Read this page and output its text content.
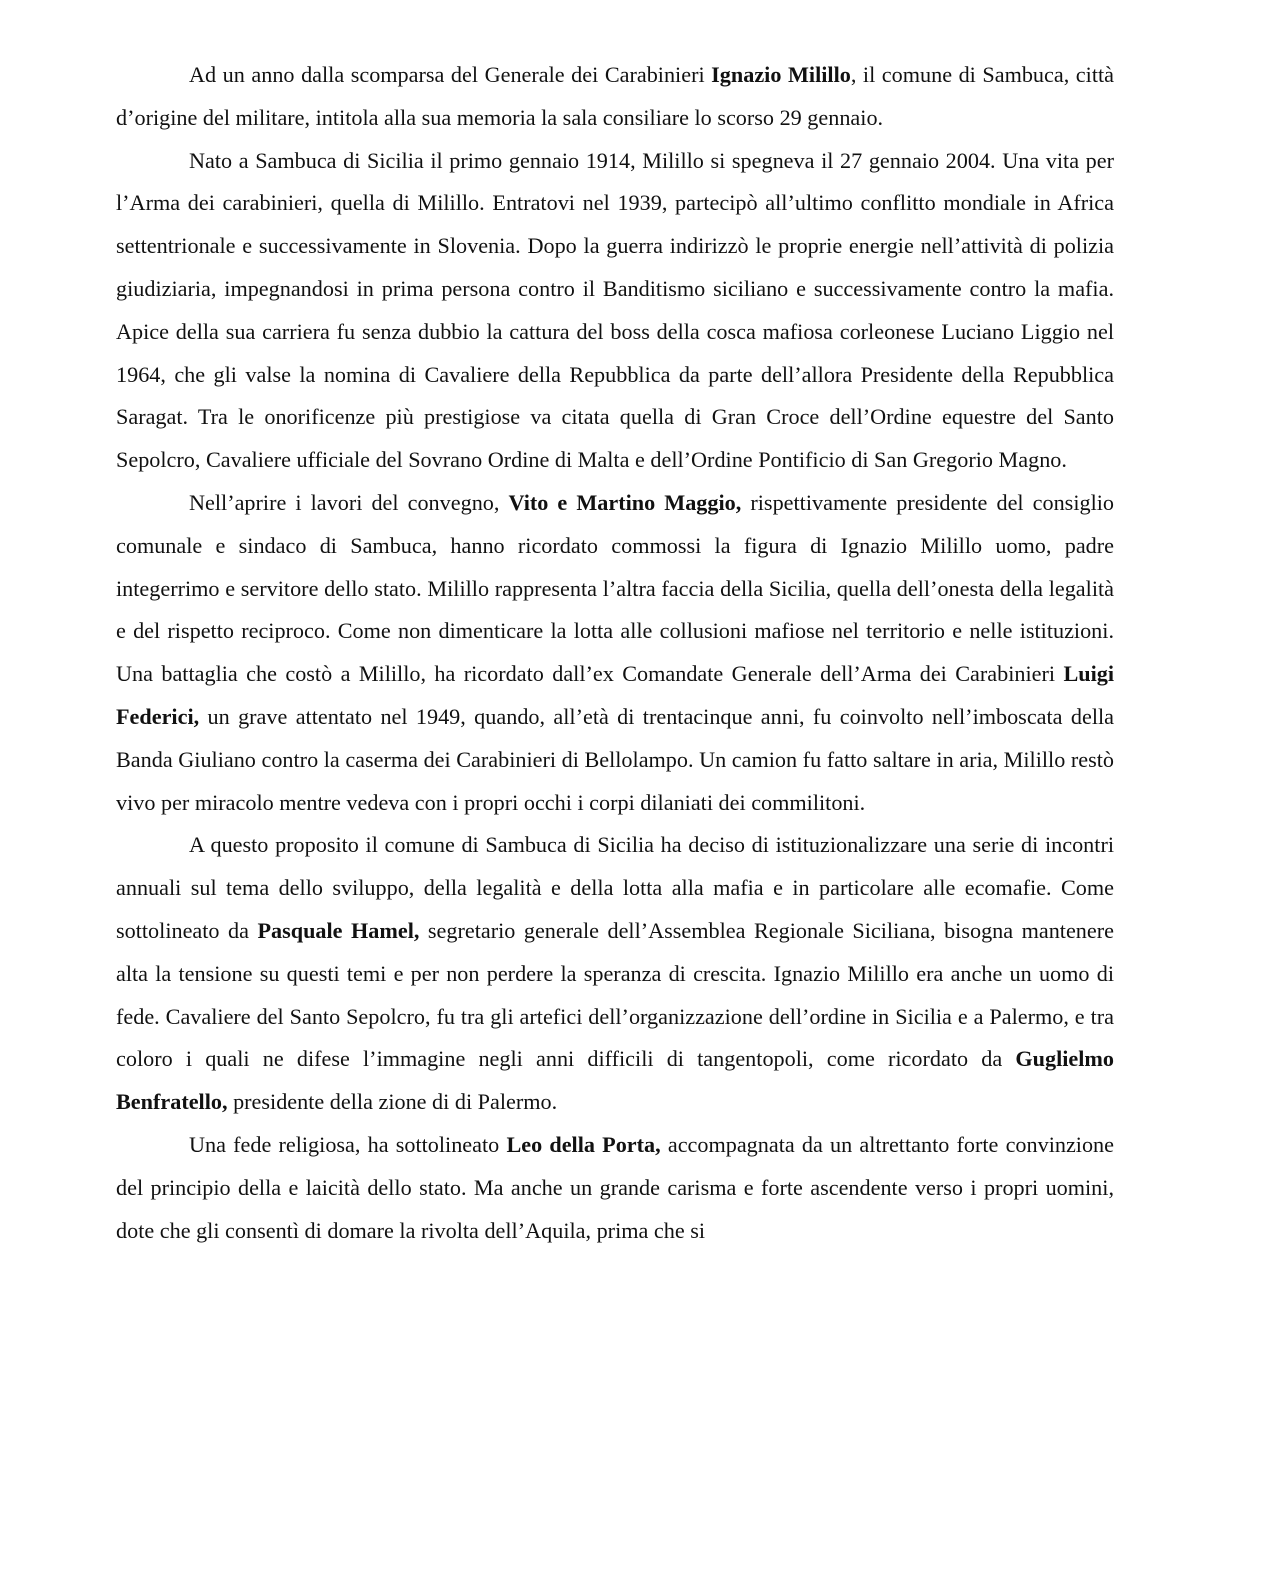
Ad un anno dalla scomparsa del Generale dei Carabinieri Ignazio Milillo, il comune di Sambuca, città d’origine del militare, intitola alla sua memoria la sala consiliare lo scorso 29 gennaio.

Nato a Sambuca di Sicilia il primo gennaio 1914, Milillo si spegneva il 27 gennaio 2004. Una vita per l’Arma dei carabinieri, quella di Milillo. Entratovi nel 1939, partecipò all’ultimo conflitto mondiale in Africa settentrionale e successivamente in Slovenia. Dopo la guerra indirizzò le proprie energie nell’attività di polizia giudiziaria, impegnandosi in prima persona contro il Banditismo siciliano e successivamente contro la mafia. Apice della sua carriera fu senza dubbio la cattura del boss della cosca mafiosa corleonese Luciano Liggio nel 1964, che gli valse la nomina di Cavaliere della Repubblica da parte dell’allora Presidente della Repubblica Saragat. Tra le onorificenze più prestigiose va citata quella di Gran Croce dell’Ordine equestre del Santo Sepolcro, Cavaliere ufficiale del Sovrano Ordine di Malta e dell’Ordine Pontificio di San Gregorio Magno.

Nell’aprire i lavori del convegno, Vito e Martino Maggio, rispettivamente presidente del consiglio comunale e sindaco di Sambuca, hanno ricordato commossi la figura di Ignazio Milillo uomo, padre integerrimo e servitore dello stato. Milillo rappresenta l’altra faccia della Sicilia, quella dell’onesta della legalità e del rispetto reciproco. Come non dimenticare la lotta alle collusioni mafiose nel territorio e nelle istituzioni. Una battaglia che costò a Milillo, ha ricordato dall’ex Comandate Generale dell’Arma dei Carabinieri Luigi Federici, un grave attentato nel 1949, quando, all’età di trentacinque anni, fu coinvolto nell’imboscata della Banda Giuliano contro la caserma dei Carabinieri di Bellolampo. Un camion fu fatto saltare in aria, Milillo restò vivo per miracolo mentre vedeva con i propri occhi i corpi dilaniati dei commilitoni.

A questo proposito il comune di Sambuca di Sicilia ha deciso di istituzionalizzare una serie di incontri annuali sul tema dello sviluppo, della legalità e della lotta alla mafia e in particolare alle ecomafie. Come sottolineato da Pasquale Hamel, segretario generale dell’Assemblea Regionale Siciliana, bisogna mantenere alta la tensione su questi temi e per non perdere la speranza di crescita. Ignazio Milillo era anche un uomo di fede. Cavaliere del Santo Sepolcro, fu tra gli artefici dell’organizzazione dell’ordine in Sicilia e a Palermo, e tra coloro i quali ne difese l’immagine negli anni difficili di tangentopoli, come ricordato da Guglielmo Benfratello, presidente della zione di di Palermo.

Una fede religiosa, ha sottolineato Leo della Porta, accompagnata da un altrettanto forte convinzione del principio della e laicità dello stato. Ma anche un grande carisma e forte ascendente verso i propri uomini, dote che gli consentì di domare la rivolta dell’Aquila, prima che si
